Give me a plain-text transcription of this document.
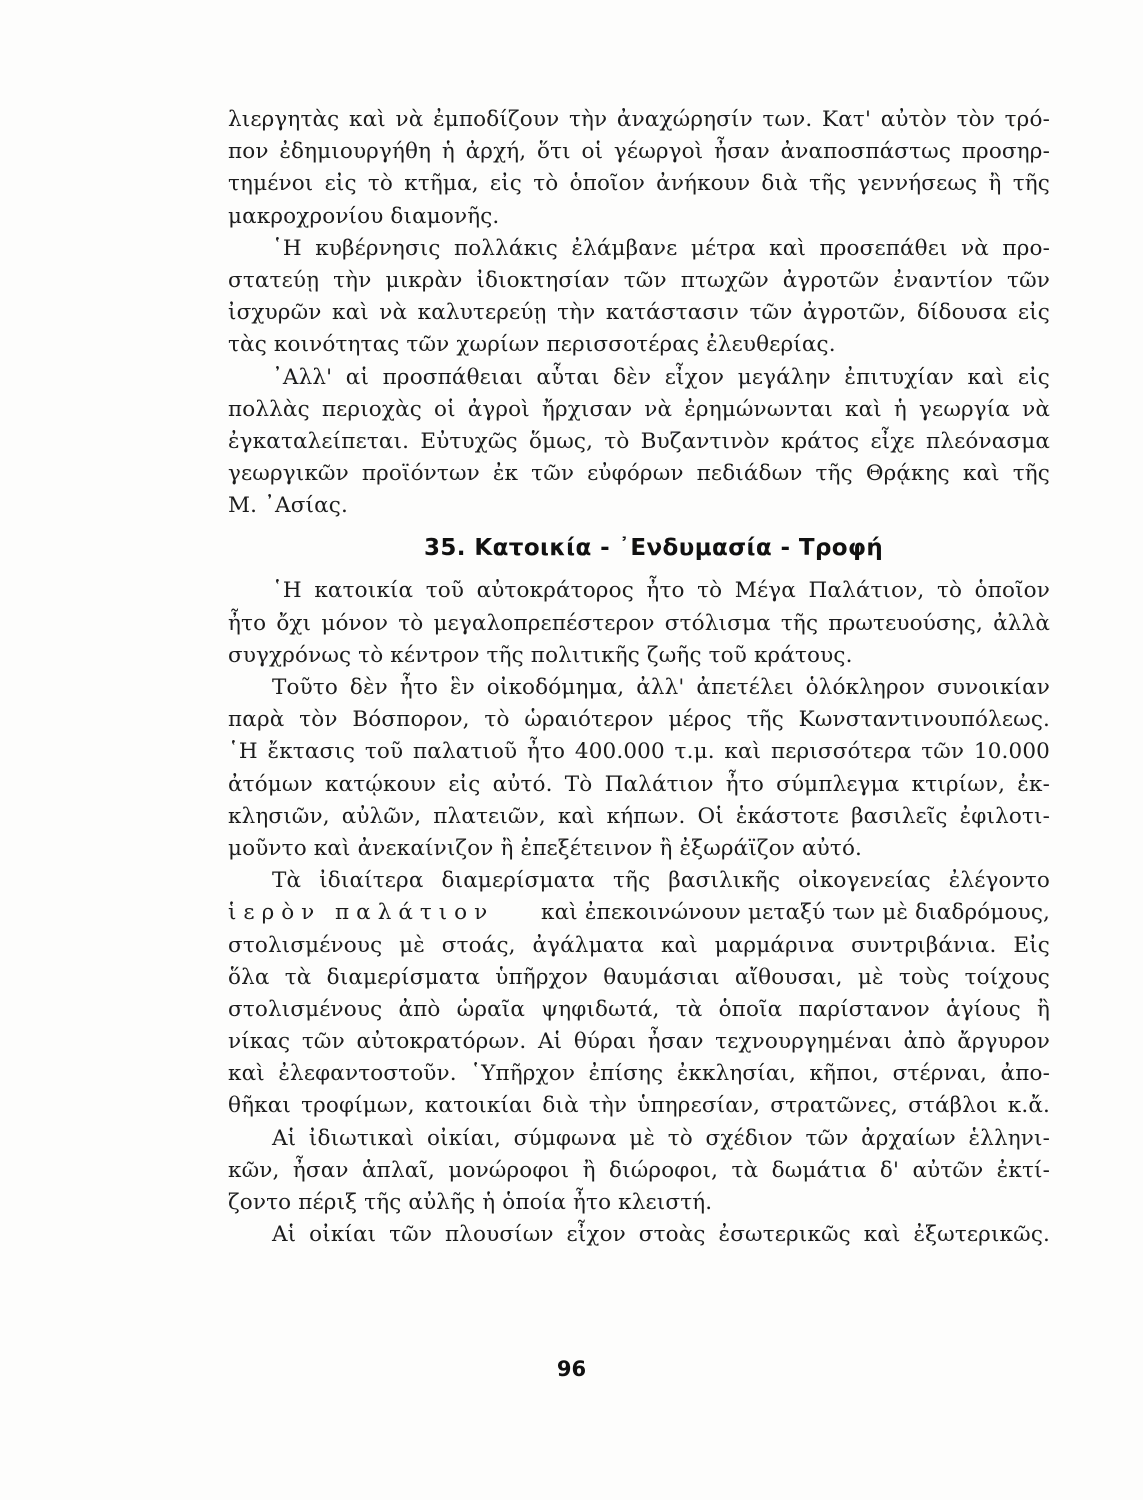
λιεργητὰς καὶ νὰ ἐμποδίζουν τὴν ἀναχώρησίν των. Κατ' αὐτὸν τὸν τρό-
πον ἐδημιουργήθη ἡ ἀρχή, ὅτι οἱ γέωργοὶ ἦσαν ἀναποσπάστως προσηρ-
τημένοι εἰς τὸ κτῆμα, εἰς τὸ ὁποῖον ἀνήκουν διὰ τῆς γεννήσεως ἢ τῆς
μακροχρονίου διαμονῆς.
῾Η κυβέρνησις πολλάκις ἐλάμβανε μέτρα καὶ προσεπάθει νὰ προ-
στατεύῃ τὴν μικρὰν ἰδιοκτησίαν τῶν πτωχῶν ἀγροτῶν ἐναντίον τῶν
ἰσχυρῶν καὶ νὰ καλυτερεύῃ τὴν κατάστασιν τῶν ἀγροτῶν, δίδουσα εἰς
τὰς κοινότητας τῶν χωρίων περισσοτέρας ἐλευθερίας.
᾿Αλλ' αἱ προσπάθειαι αὗται δὲν εἶχον μεγάλην ἐπιτυχίαν καὶ εἰς
πολλὰς περιοχὰς οἱ ἀγροὶ ἤρχισαν νὰ ἐρημώνωνται καὶ ἡ γεωργία νὰ
ἐγκαταλείπεται. Εὐτυχῶς ὅμως, τὸ Βυζαντινὸν κράτος εἶχε πλεόνασμα
γεωργικῶν προϊόντων ἐκ τῶν εὐφόρων πεδιάδων τῆς Θρᾴκης καὶ τῆς
Μ. ᾿Ασίας.
35. Κατοικία - ᾿Ενδυμασία - Τροφή
῾Η κατοικία τοῦ αὐτοκράτορος ἦτο τὸ Μέγα Παλάτιον, τὸ ὁποῖον
ἦτο ὄχι μόνον τὸ μεγαλοπρεπέστερον στόλισμα τῆς πρωτευούσης, ἀλλὰ
συγχρόνως τὸ κέντρον τῆς πολιτικῆς ζωῆς τοῦ κράτους.
Τοῦτο δὲν ἦτο ἓν οἰκοδόμημα, ἀλλ' ἀπετέλει ὁλόκληρον συνοικίαν
παρὰ τὸν Βόσπορον, τὸ ὡραιότερον μέρος τῆς Κωνσταντινουπόλεως.
῾Η ἔκτασις τοῦ παλατιοῦ ἦτο 400.000 τ.μ. καὶ περισσότερα τῶν 10.000
ἀτόμων κατῴκουν εἰς αὐτό. Τὸ Παλάτιον ἦτο σύμπλεγμα κτιρίων, ἐκ-
κλησιῶν, αὐλῶν, πλατειῶν, καὶ κήπων. Οἱ ἑκάστοτε βασιλεῖς ἐφιλοτι-
μοῦντο καὶ ἀνεκαίνιζον ἢ ἐπεξέτεινον ἢ ἐξωράϊζον αὐτό.
Τὰ ἰδιαίτερα διαμερίσματα τῆς βασιλικῆς οἰκογενείας ἐλέγοντο
ἱερὸν παλάτιον καὶ ἐπεκοινώνουν μεταξύ των μὲ διαδρόμους,
στολισμένους μὲ στοάς, ἀγάλματα καὶ μαρμάρινα συντριβάνια. Εἰς
ὅλα τὰ διαμερίσματα ὑπῆρχον θαυμάσιαι αἴθουσαι, μὲ τοὺς τοίχους
στολισμένους ἀπὸ ὡραῖα ψηφιδωτά, τὰ ὁποῖα παρίστανον ἁγίους ἢ
νίκας τῶν αὐτοκρατόρων. Αἱ θύραι ἦσαν τεχνουργημέναι ἀπὸ ἄργυρον
καὶ ἐλεφαντοστοῦν. ῾Υπῆρχον ἐπίσης ἐκκλησίαι, κῆποι, στέρναι, ἀπο-
θῆκαι τροφίμων, κατοικίαι διὰ τὴν ὑπηρεσίαν, στρατῶνες, στάβλοι κ.ἄ.
Αἱ ἰδιωτικαὶ οἰκίαι, σύμφωνα μὲ τὸ σχέδιον τῶν ἀρχαίων ἑλληνι-
κῶν, ἦσαν ἁπλαῖ, μονώροφοι ἢ διώροφοι, τὰ δωμάτια δ' αὐτῶν ἐκτί-
ζοντο πέριξ τῆς αὐλῆς ἡ ὁποία ἦτο κλειστή.
Αἱ οἰκίαι τῶν πλουσίων εἶχον στοὰς ἐσωτερικῶς καὶ ἐξωτερικῶς.
96
